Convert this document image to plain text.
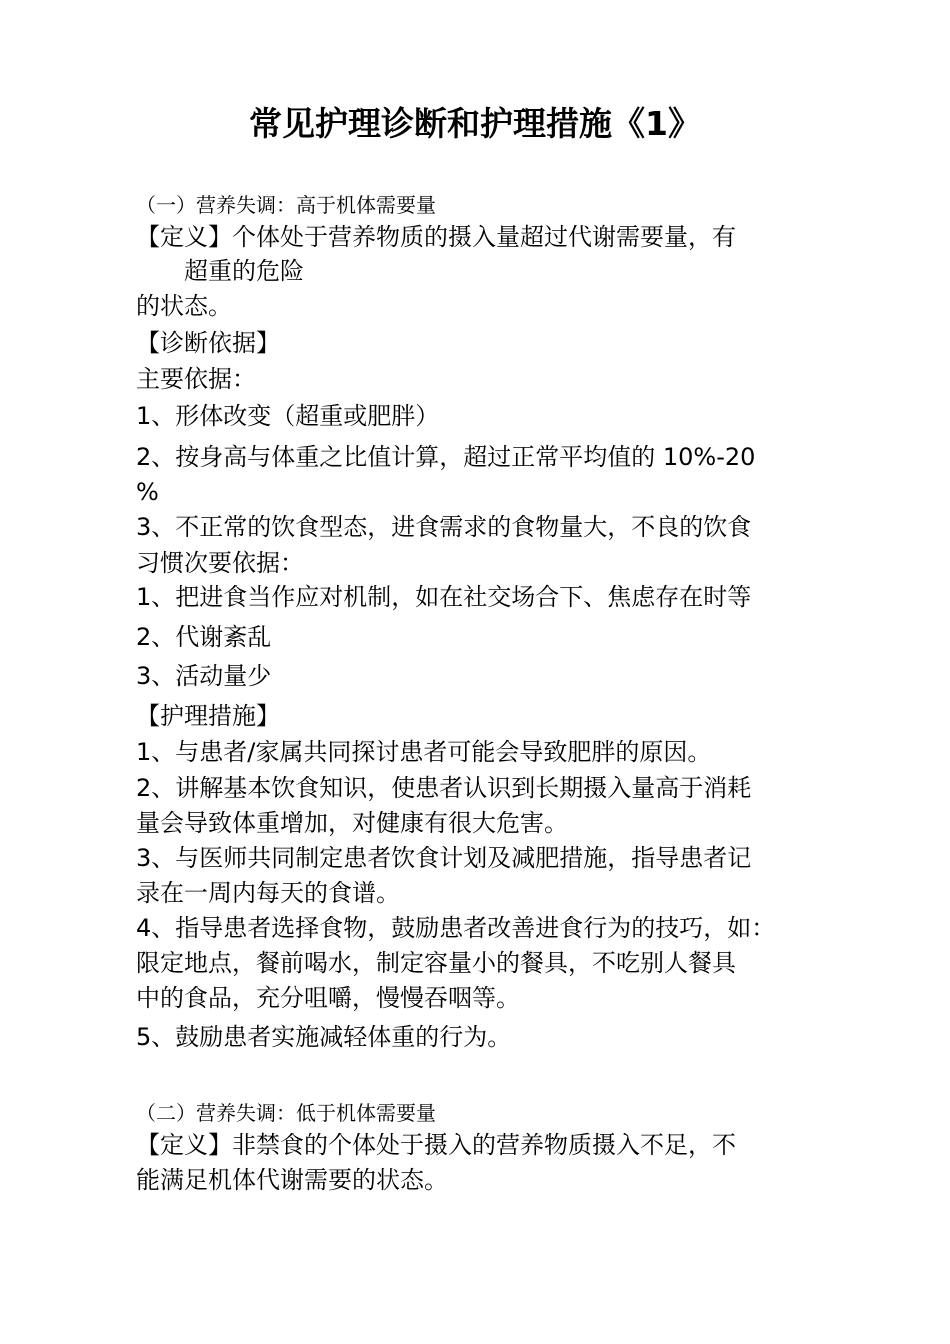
常见护理诊断和护理措施《1》
（一）营养失调：高于机体需要量
【定义】个体处于营养物质的摄入量超过代谢需要量，有
超重的危险
的状态。
【诊断依据】
主要依据：
1、形体改变（超重或肥胖）
2、按身高与体重之比值计算，超过正常平均值的 10%-20
%
3、不正常的饮食型态，进食需求的食物量大，不良的饮食
习惯次要依据：
1、把进食当作应对机制，如在社交场合下、焦虑存在时等
2、代谢紊乱
3、活动量少
【护理措施】
1、与患者/家属共同探讨患者可能会导致肥胖的原因。
2、讲解基本饮食知识，使患者认识到长期摄入量高于消耗
量会导致体重增加，对健康有很大危害。
3、与医师共同制定患者饮食计划及减肥措施，指导患者记
录在一周内每天的食谱。
4、指导患者选择食物，鼓励患者改善进食行为的技巧，如：
限定地点，餐前喝水，制定容量小的餐具，不吃别人餐具
中的食品，充分咀嚼，慢慢吞咽等。
5、鼓励患者实施减轻体重的行为。
（二）营养失调：低于机体需要量
【定义】非禁食的个体处于摄入的营养物质摄入不足，不
能满足机体代谢需要的状态。
